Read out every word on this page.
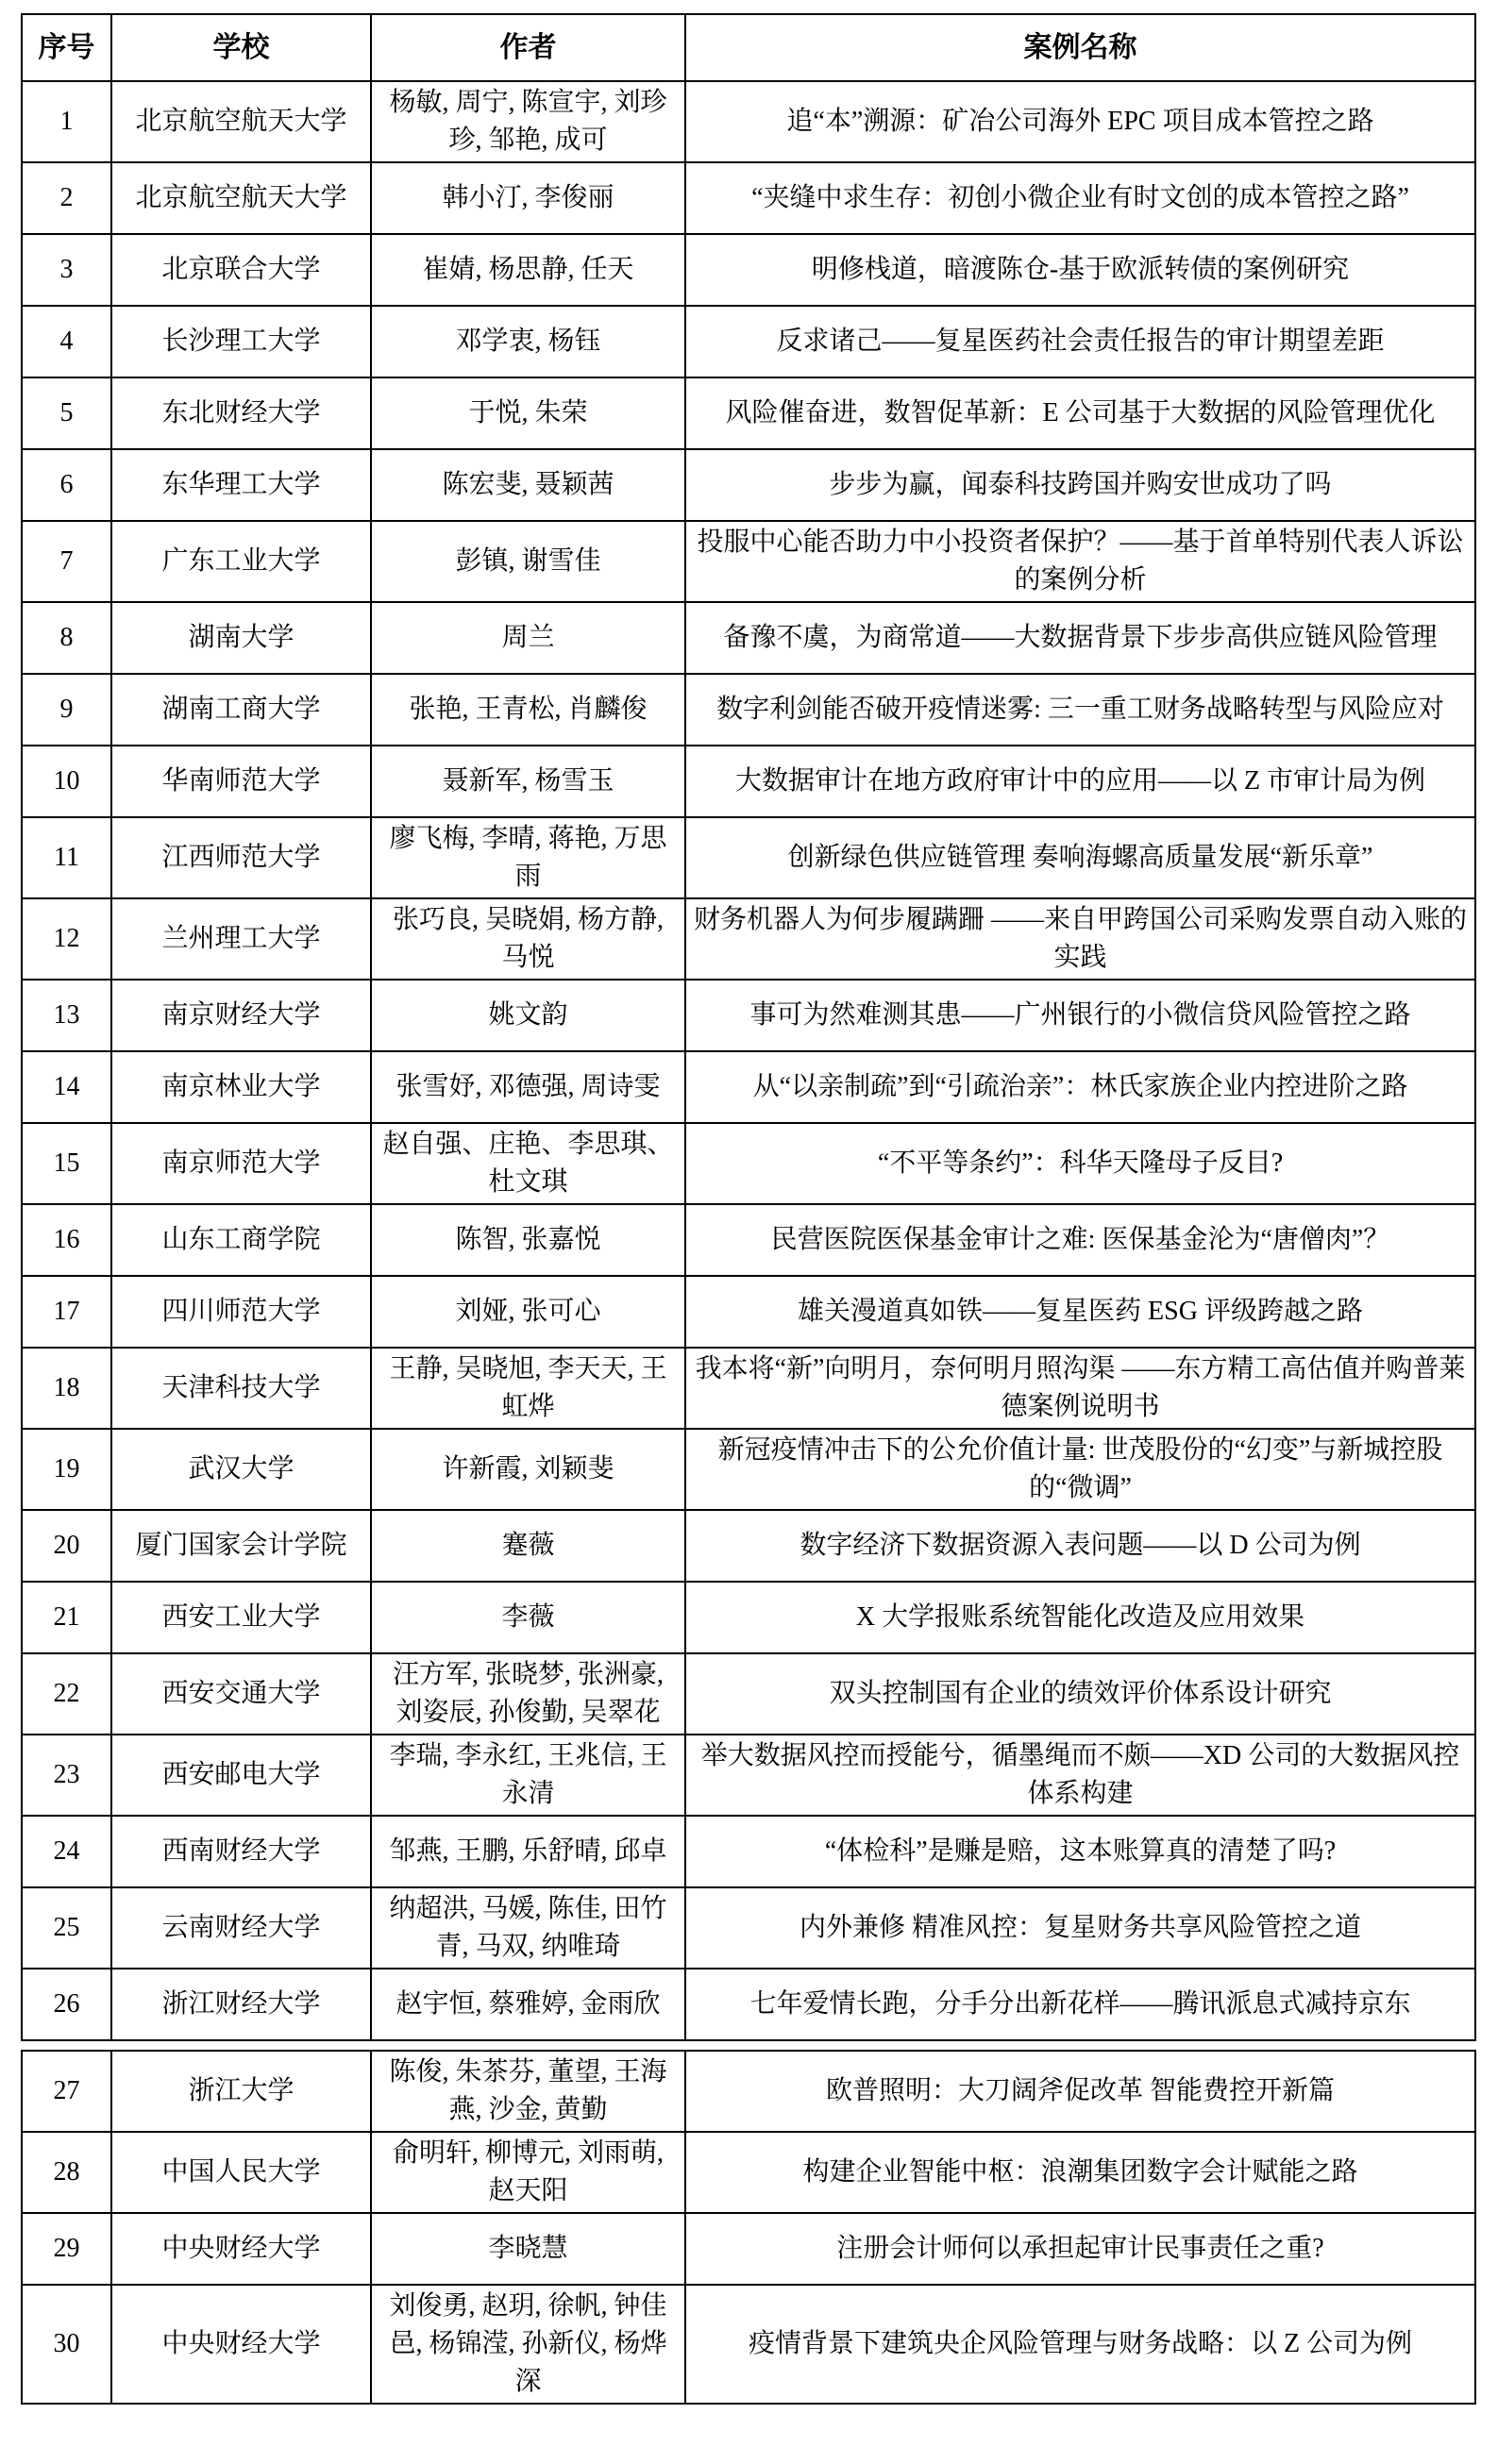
序号	学校	作者	案例名称
1	北京航空航天大学	杨敏, 周宁, 陈宣宇, 刘珍珍, 邹艳, 成可	追“本”溯源：矿冶公司海外 EPC 项目成本管控之路
2	北京航空航天大学	韩小汀, 李俊丽	“夹缝中求生存：初创小微企业有时文创的成本管控之路”
3	北京联合大学	崔婧, 杨思静, 任天	明修栈道，暗渡陈仓-基于欧派转债的案例研究
4	长沙理工大学	邓学衷, 杨钰	反求诸己——复星医药社会责任报告的审计期望差距
5	东北财经大学	于悦, 朱荣	风险催奋进，数智促革新：E 公司基于大数据的风险管理优化
6	东华理工大学	陈宏斐, 聂颖茜	步步为赢，闻泰科技跨国并购安世成功了吗
7	广东工业大学	彭镇, 谢雪佳	投服中心能否助力中小投资者保护？——基于首单特别代表人诉讼的案例分析
8	湖南大学	周兰	备豫不虞，为商常道——大数据背景下步步高供应链风险管理
9	湖南工商大学	张艳, 王青松, 肖麟俊	数字利剑能否破开疫情迷雾: 三一重工财务战略转型与风险应对
10	华南师范大学	聂新军, 杨雪玉	大数据审计在地方政府审计中的应用——以 Z 市审计局为例
11	江西师范大学	廖飞梅, 李晴, 蒋艳, 万思雨	创新绿色供应链管理 奏响海螺高质量发展“新乐章”
12	兰州理工大学	张巧良, 吴晓娟, 杨方静, 马悦	财务机器人为何步履蹒跚 ——来自甲跨国公司采购发票自动入账的实践
13	南京财经大学	姚文韵	事可为然难测其患——广州银行的小微信贷风险管控之路
14	南京林业大学	张雪妤, 邓德强, 周诗雯	从“以亲制疏”到“引疏治亲”：林氏家族企业内控进阶之路
15	南京师范大学	赵自强、庄艳、李思琪、杜文琪	“不平等条约”：科华天隆母子反目?
16	山东工商学院	陈智, 张嘉悦	民营医院医保基金审计之难: 医保基金沦为“唐僧肉”？
17	四川师范大学	刘娅, 张可心	雄关漫道真如铁——复星医药 ESG 评级跨越之路
18	天津科技大学	王静, 吴晓旭, 李天天, 王虹烨	我本将“新”向明月，奈何明月照沟渠 ——东方精工高估值并购普莱德案例说明书
19	武汉大学	许新霞, 刘颖斐	新冠疫情冲击下的公允价值计量: 世茂股份的“幻变”与新城控股的“微调”
20	厦门国家会计学院	蹇薇	数字经济下数据资源入表问题——以 D 公司为例
21	西安工业大学	李薇	X 大学报账系统智能化改造及应用效果
22	西安交通大学	汪方军, 张晓梦, 张洲豪, 刘姿辰, 孙俊勤, 吴翠花	双头控制国有企业的绩效评价体系设计研究
23	西安邮电大学	李瑞, 李永红, 王兆信, 王永清	举大数据风控而授能兮，循墨绳而不颇——XD 公司的大数据风控体系构建
24	西南财经大学	邹燕, 王鹏, 乐舒晴, 邱卓	“体检科”是赚是赔，这本账算真的清楚了吗?
25	云南财经大学	纳超洪, 马媛, 陈佳, 田竹青, 马双, 纳唯琦	内外兼修 精准风控：复星财务共享风险管控之道
26	浙江财经大学	赵宇恒, 蔡雅婷, 金雨欣	七年爱情长跑，分手分出新花样——腾讯派息式减持京东
27	浙江大学	陈俊, 朱茶芬, 董望, 王海燕, 沙金, 黄勤	欧普照明：大刀阔斧促改革 智能费控开新篇
28	中国人民大学	俞明轩, 柳博元, 刘雨萌, 赵天阳	构建企业智能中枢：浪潮集团数字会计赋能之路
29	中央财经大学	李晓慧	注册会计师何以承担起审计民事责任之重?
30	中央财经大学	刘俊勇, 赵玥, 徐帆, 钟佳邑, 杨锦滢, 孙新仪, 杨烨深	疫情背景下建筑央企风险管理与财务战略：以 Z 公司为例
